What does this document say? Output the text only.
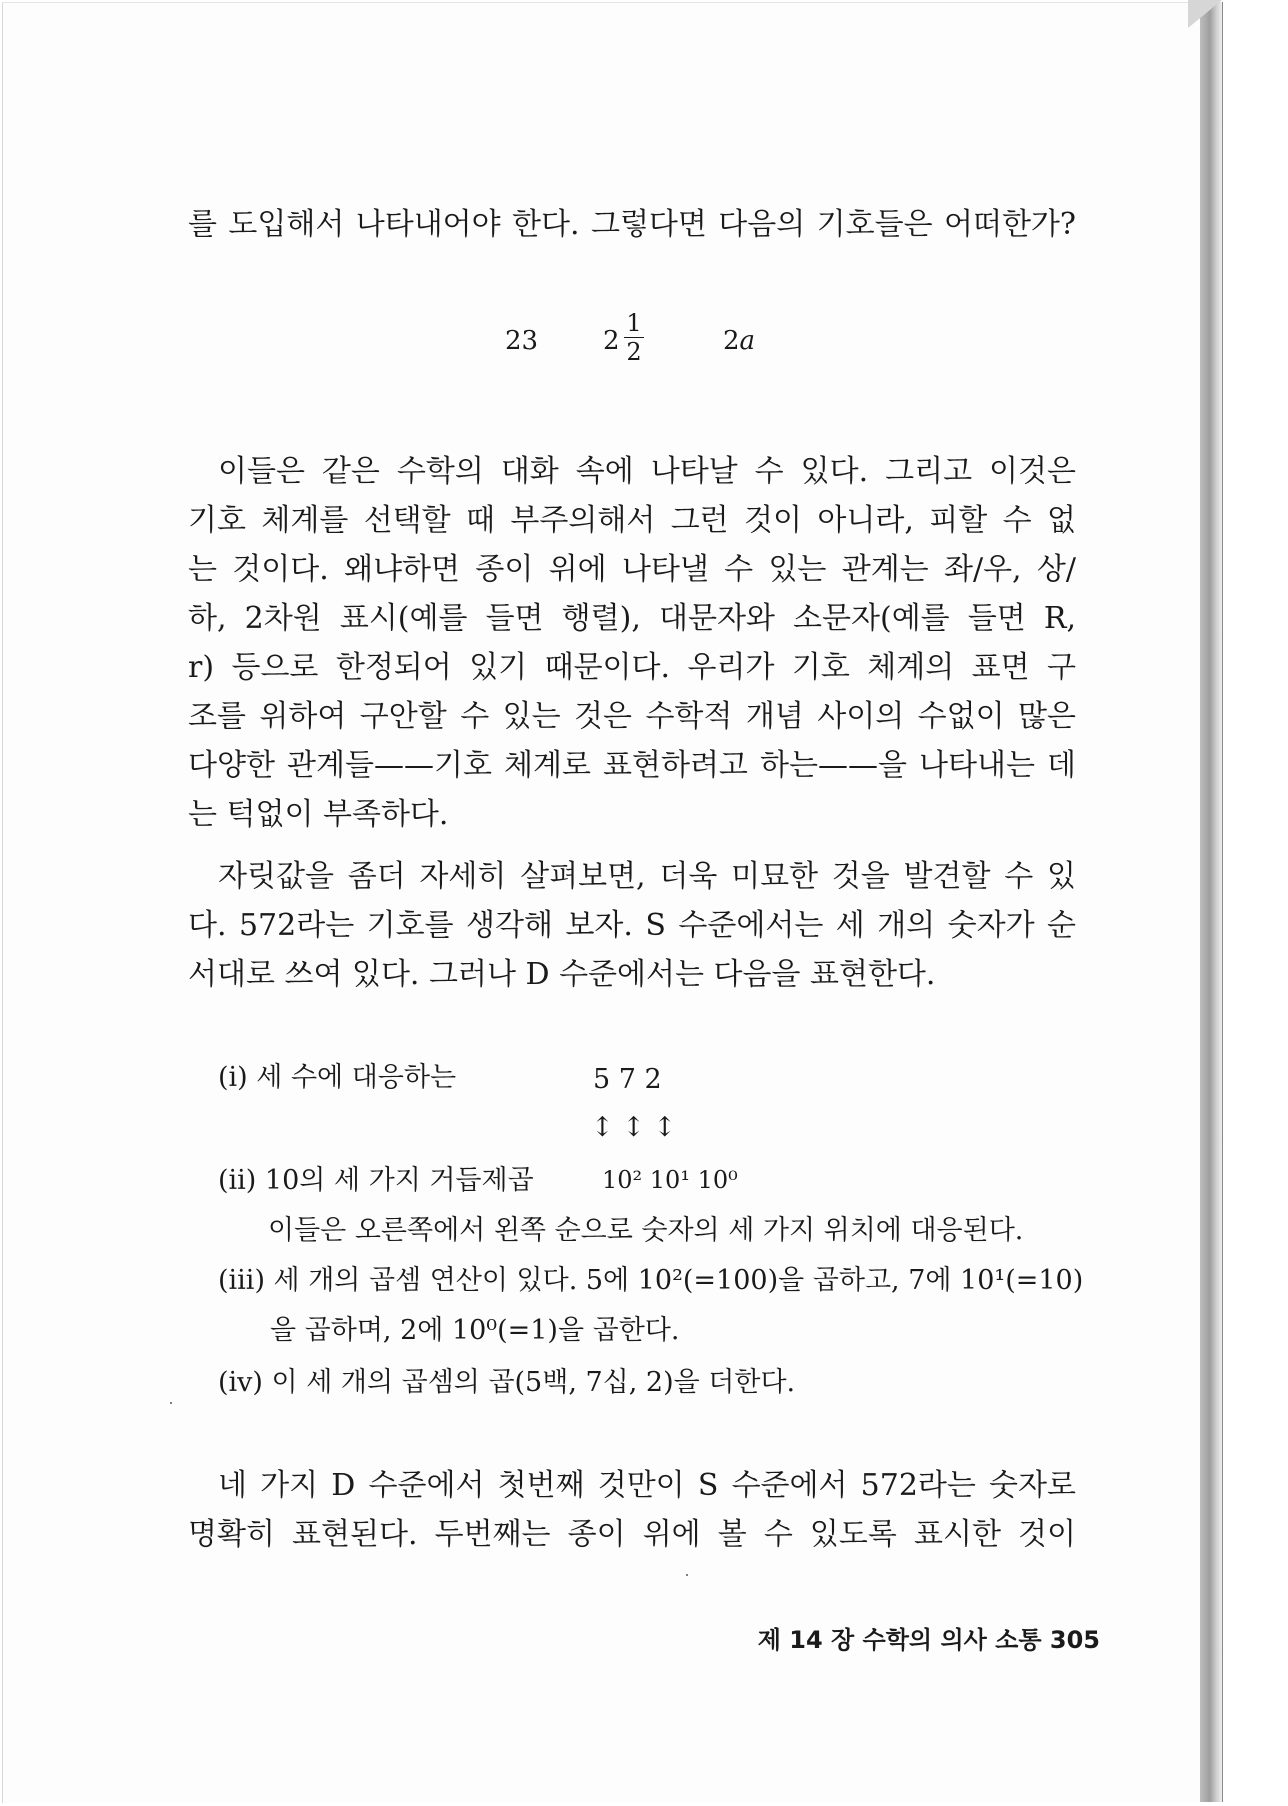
를 도입해서 나타내어야 한다. 그렇다면 다음의 기호들은 어떠한가?
23 2
1
2	2a
이들은 같은 수학의 대화 속에 나타날 수 있다. 그리고 이것은
기호 체계를 선택할 때 부주의해서 그런 것이 아니라, 피할 수 없
는 것이다. 왜냐하면 종이 위에 나타낼 수 있는 관계는 좌/우, 상/
하, 2차원 표시(예를 들면 행렬), 대문자와 소문자(예를 들면 R,
r) 등으로 한정되어 있기 때문이다. 우리가 기호 체계의 표면 구
조를 위하여 구안할 수 있는 것은 수학적 개념 사이의 수없이 많은
다양한 관계들——기호 체계로 표현하려고 하는——을 나타내는 데
는 턱없이 부족하다.
자릿값을 좀더 자세히 살펴보면, 더욱 미묘한 것을 발견할 수 있
다. 572라는 기호를 생각해 보자. S 수준에서는 세 개의 숫자가 순
서대로 쓰여 있다. 그러나 D 수준에서는 다음을 표현한다.
(i) 세 수에 대응하는	5 7 2
↕ ↕ ↕
(ii) 10의 세 가지 거듭제곱	10² 10¹ 10⁰
이들은 오른쪽에서 왼쪽 순으로 숫자의 세 가지 위치에 대응된다.
(iii) 세 개의 곱셈 연산이 있다. 5에 10²(=100)을 곱하고, 7에 10¹(=10)
을 곱하며, 2에 10⁰(=1)을 곱한다.
(iv) 이 세 개의 곱셈의 곱(5백, 7십, 2)을 더한다.
네 가지 D 수준에서 첫번째 것만이 S 수준에서 572라는 숫자로
명확히 표현된다. 두번째는 종이 위에 볼 수 있도록 표시한 것이
제 14 장 수학의 의사 소통 305
